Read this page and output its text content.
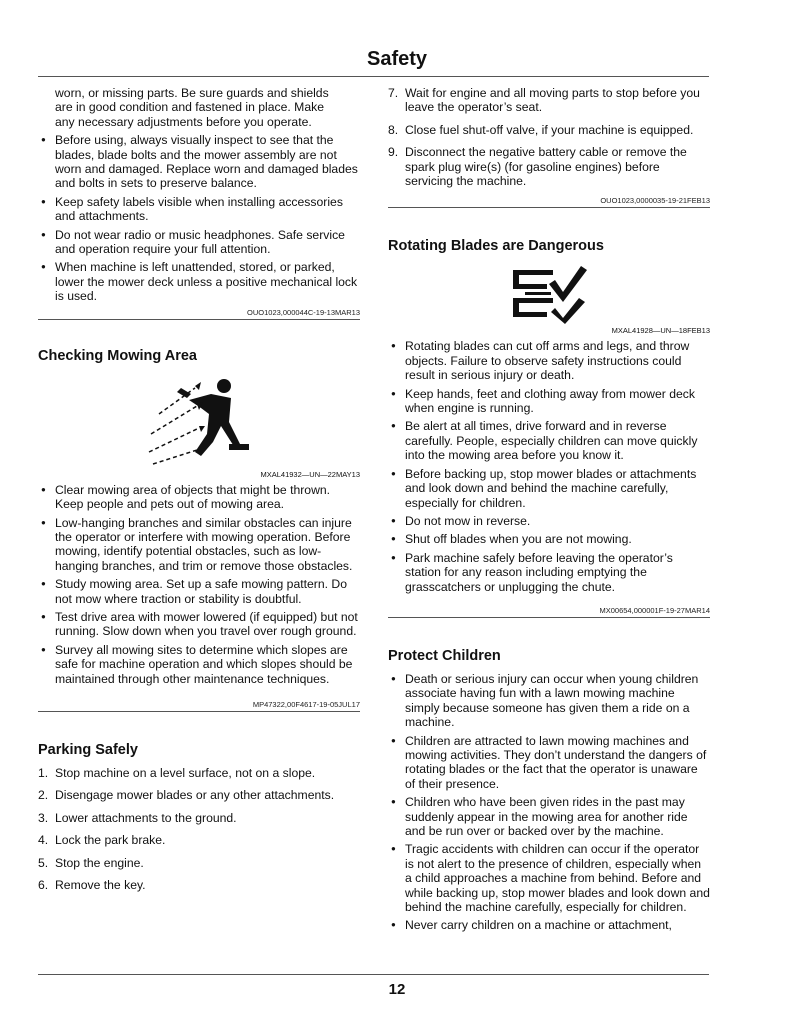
Safety
worn, or missing parts. Be sure guards and shields
are in good condition and fastened in place. Make
any necessary adjustments before you operate.
● Before using, always visually inspect to see that the blades, blade bolts and the mower assembly are not worn and damaged. Replace worn and damaged blades and bolts in sets to preserve balance.
● Keep safety labels visible when installing accessories and attachments.
● Do not wear radio or music headphones. Safe service and operation require your full attention.
● When machine is left unattended, stored, or parked, lower the mower deck unless a positive mechanical lock is used.
OUO1023,000044C-19-13MAR13
Checking Mowing Area
MXAL41932—UN—22MAY13
● Clear mowing area of objects that might be thrown. Keep people and pets out of mowing area.
● Low-hanging branches and similar obstacles can injure the operator or interfere with mowing operation. Before mowing, identify potential obstacles, such as low-hanging branches, and trim or remove those obstacles.
● Study mowing area. Set up a safe mowing pattern. Do not mow where traction or stability is doubtful.
● Test drive area with mower lowered (if equipped) but not running. Slow down when you travel over rough ground.
● Survey all mowing sites to determine which slopes are safe for machine operation and which slopes should be maintained through other maintenance techniques.
MP47322,00F4617-19-05JUL17
Parking Safely
1. Stop machine on a level surface, not on a slope.
2. Disengage mower blades or any other attachments.
3. Lower attachments to the ground.
4. Lock the park brake.
5. Stop the engine.
6. Remove the key.
7. Wait for engine and all moving parts to stop before you leave the operator’s seat.
8. Close fuel shut-off valve, if your machine is equipped.
9. Disconnect the negative battery cable or remove the spark plug wire(s) (for gasoline engines) before servicing the machine.
OUO1023,0000035-19-21FEB13
Rotating Blades are Dangerous
MXAL41928—UN—18FEB13
● Rotating blades can cut off arms and legs, and throw objects. Failure to observe safety instructions could result in serious injury or death.
● Keep hands, feet and clothing away from mower deck when engine is running.
● Be alert at all times, drive forward and in reverse carefully. People, especially children can move quickly into the mowing area before you know it.
● Before backing up, stop mower blades or attachments and look down and behind the machine carefully, especially for children.
● Do not mow in reverse.
● Shut off blades when you are not mowing.
● Park machine safely before leaving the operator’s station for any reason including emptying the grasscatchers or unplugging the chute.
MX00654,000001F-19-27MAR14
Protect Children
● Death or serious injury can occur when young children associate having fun with a lawn mowing machine simply because someone has given them a ride on a machine.
● Children are attracted to lawn mowing machines and mowing activities. They don’t understand the dangers of rotating blades or the fact that the operator is unaware of their presence.
● Children who have been given rides in the past may suddenly appear in the mowing area for another ride and be run over or backed over by the machine.
● Tragic accidents with children can occur if the operator is not alert to the presence of children, especially when a child approaches a machine from behind. Before and while backing up, stop mower blades and look down and behind the machine carefully, especially for children.
● Never carry children on a machine or attachment,
12
